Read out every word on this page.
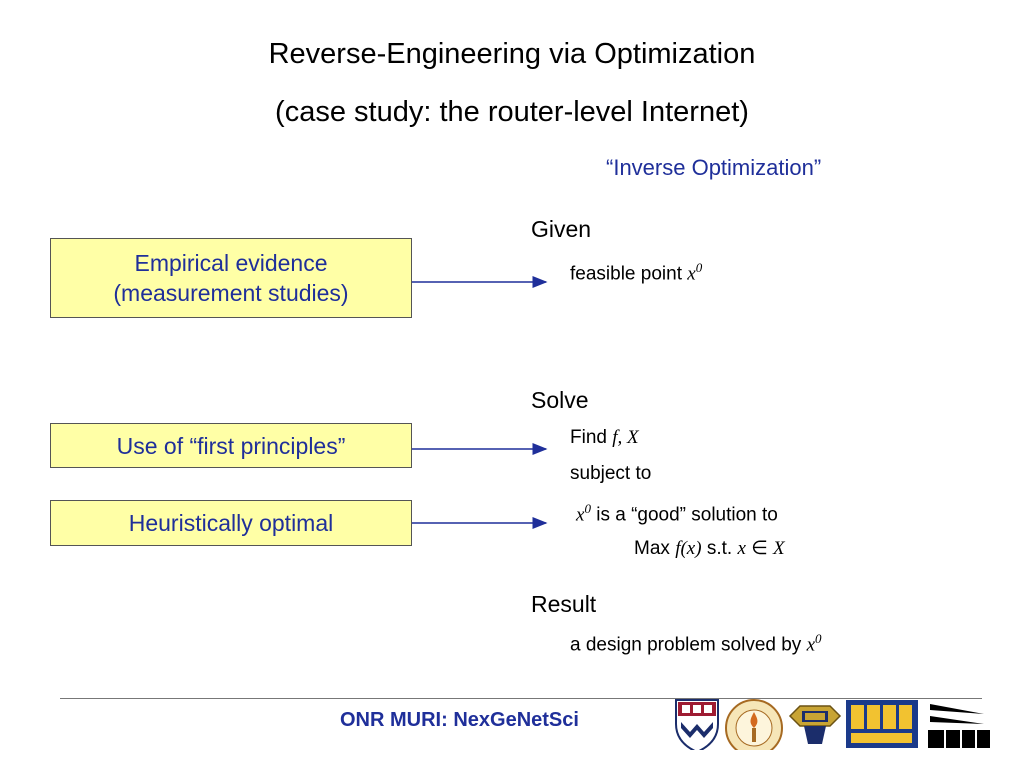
Reverse-Engineering via Optimization
(case study: the router-level Internet)
“Inverse Optimization”
Empirical evidence
(measurement studies)
Use of “first principles”
Heuristically optimal
Given
feasible point $x^0$
Solve
Find f, X
subject to
$x^0$ is a “good” solution to
Max f(x) s.t. x ∈ X
Result
a design problem solved by $x^0$
ONR MURI: NexGeNetSci
